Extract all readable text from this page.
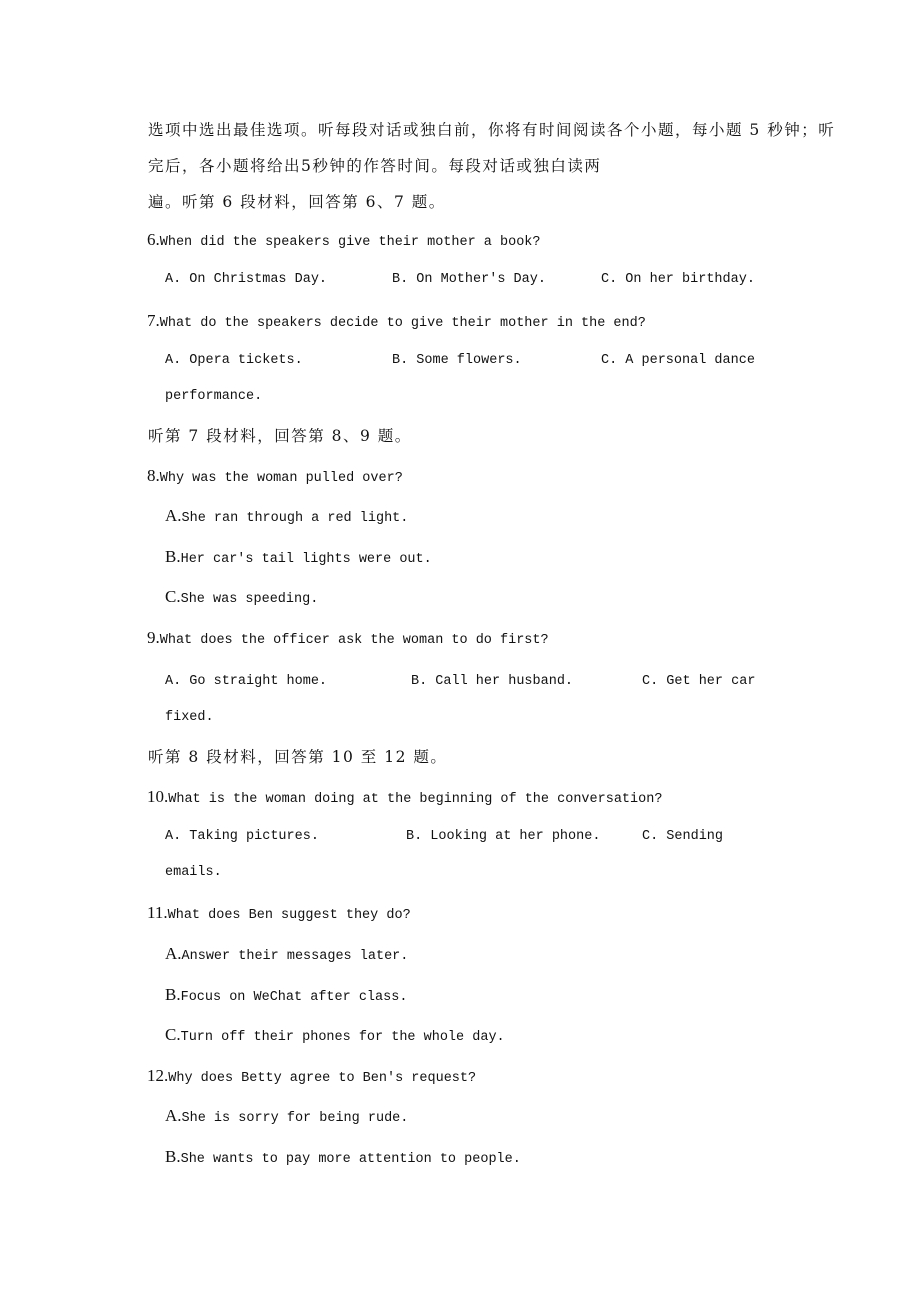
选项中选出最佳选项。听每段对话或独白前，你将有时间阅读各个小题，每小题 5 秒钟；听
完后，各小题将给出5秒钟的作答时间。每段对话或独白读两
遍。听第 6 段材料，回答第 6、7 题。
6.When did the speakers give their mother a book?
A. On Christmas Day.	B. On Mother's Day.	C. On her birthday.
7.What do the speakers decide to give their mother in the end?
A. Opera tickets.	B. Some flowers.	C. A personal dance
performance.
听第 7 段材料，回答第 8、9 题。
8.Why was the woman pulled over?
A.She ran through a red light.
B.Her car's tail lights were out.
C.She was speeding.
9.What does the officer ask the woman to do first?
A. Go straight home.	B. Call her husband.	C. Get her car
fixed.
听第 8 段材料，回答第 10 至 12 题。
10.What is the woman doing at the beginning of the conversation?
A. Taking pictures.	B. Looking at her phone.	C. Sending
emails.
11.What does Ben suggest they do?
A.Answer their messages later.
B.Focus on WeChat after class.
C.Turn off their phones for the whole day.
12.Why does Betty agree to Ben's request?
A.She is sorry for being rude.
B.She wants to pay more attention to people.
